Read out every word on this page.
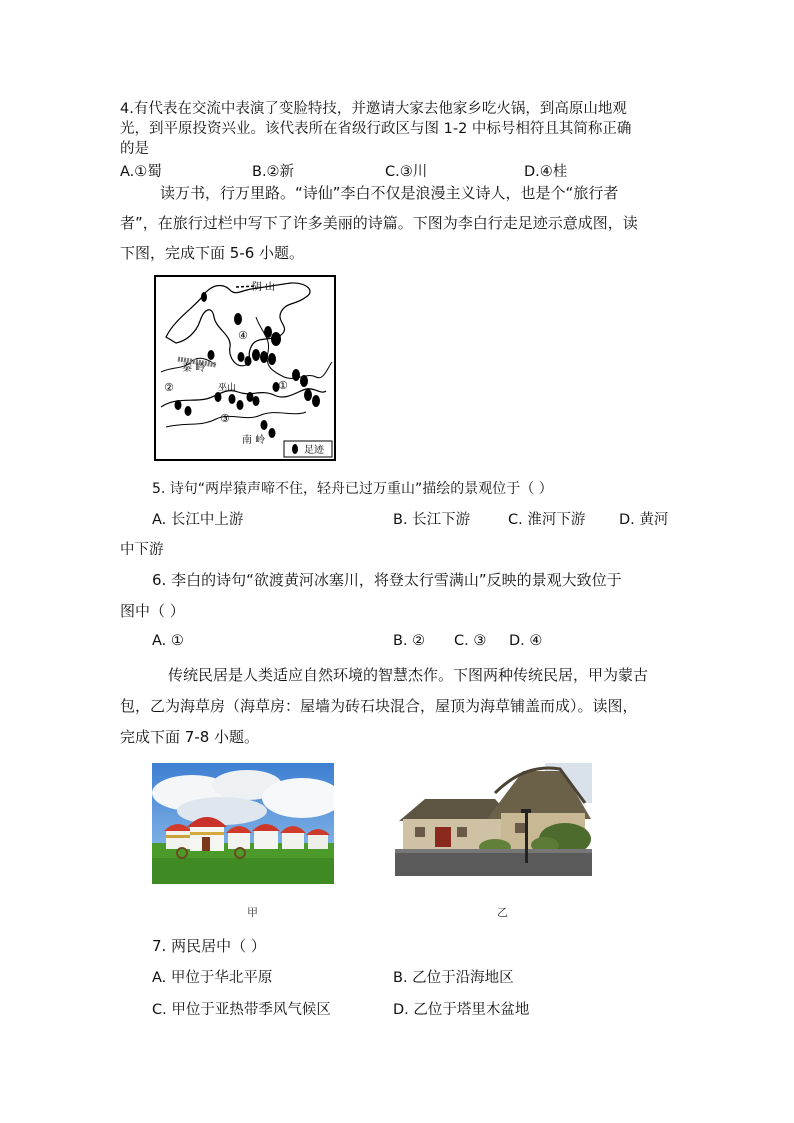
4.有代表在交流中表演了变脸特技，并邀请大家去他家乡吃火锅，到高原山地观
光，到平原投资兴业。该代表所在省级行政区与图 1-2 中标号相符且其简称正确
的是
A.①蜀	B.②新	C.③川	D.④桂
读万书，行万里路。“诗仙”李白不仅是浪漫主义诗人，也是个“旅行者
者”，在旅行过栏中写下了许多美丽的诗篇。下图为李白行走足迹示意成图，读
下图，完成下面 5-6 小题。
足迹
阴 山
秦 岭
巫山
南 岭
④
②	①
③
5. 诗句“两岸猿声啼不住，轻舟已过万重山”描绘的景观位于（ ）
A. 长江中上游	B. 长江下游	C. 淮河下游 D. 黄河
中下游
6. 李白的诗句“欲渡黄河冰塞川，将登太行雪满山”反映的景观大致位于
图中（ ）
A. ①	B. ② C. ③ D. ④
传统民居是人类适应自然环境的智慧杰作。下图两种传统民居，甲为蒙古
包，乙为海草房（海草房：屋墙为砖石块混合，屋顶为海草铺盖而成）。读图，
完成下面 7-8 小题。
甲	乙
7. 两民居中（ ）
A. 甲位于华北平原	B. 乙位于沿海地区
C. 甲位于亚热带季风气候区	D. 乙位于塔里木盆地
